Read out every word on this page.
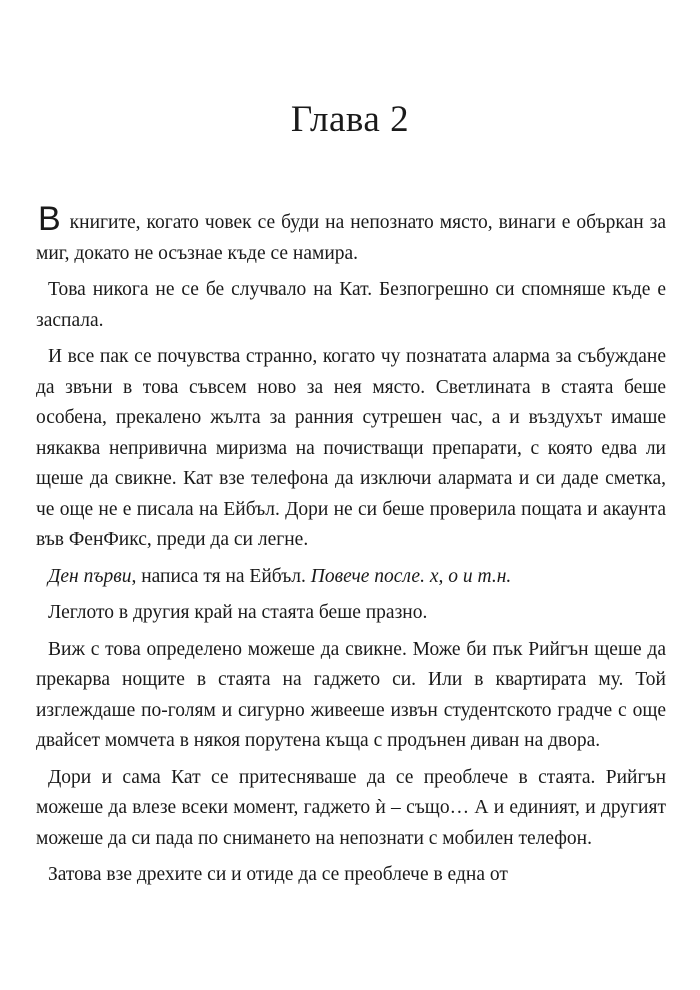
Глава 2

В книгите, когато човек се буди на непознато място, винаги е объркан за миг, докато не осъзнае къде се намира.

Това никога не се бе случвало на Кат. Безпогрешно си спомняше къде е заспала.

И все пак се почувства странно, когато чу познатата аларма за събуждане да звъни в това съвсем ново за нея място. Светлината в стаята беше особена, прекалено жълта за ранния сутрешен час, а и въздухът имаше някаква непривична миризма на почистващи препарати, с която едва ли щеше да свикне. Кат взе телефона да изключи алармата и си даде сметка, че още не е писала на Ейбъл. Дори не си беше проверила пощата и акаунта във ФенФикс, преди да си легне.

Ден първи, написа тя на Ейбъл. Повече после. х, о и т.н.

Леглото в другия край на стаята беше празно.

Виж с това определено можеше да свикне. Може би пък Рийгън щеше да прекарва нощите в стаята на гаджето си. Или в квартирата му. Той изглеждаше по-голям и сигурно живееше извън студентското градче с още двайсет момчета в някоя порутена къща с продънен диван на двора.

Дори и сама Кат се притесняваше да се преоблече в стаята. Рийгън можеше да влезе всеки момент, гаджето ѝ – също… А и единият, и другият можеше да си пада по снимането на непознати с мобилен телефон.

Затова взе дрехите си и отиде да се преоблече в една от
